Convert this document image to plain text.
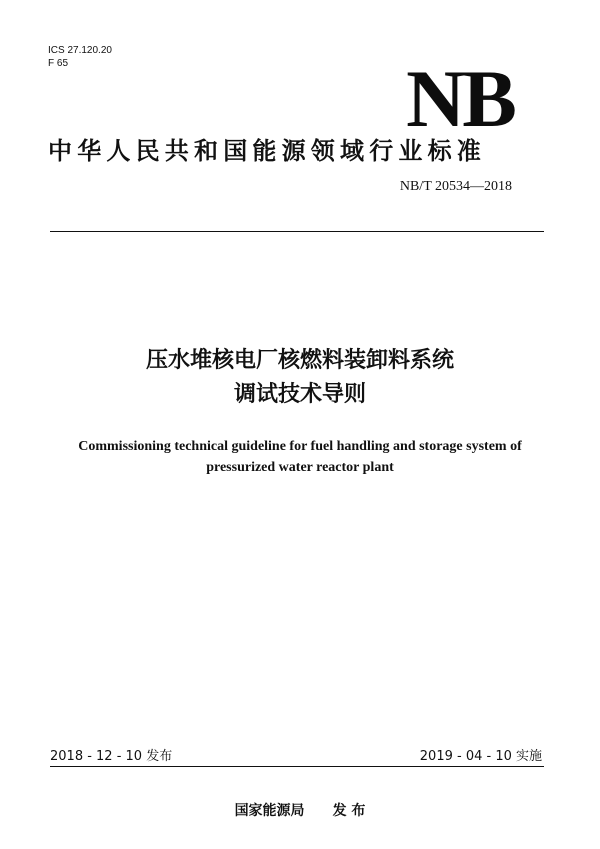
ICS 27.120.20
F 65	NB
中华人民共和国能源领域行业标准
NB/T 20534—2018
压水堆核电厂核燃料装卸料系统
调试技术导则
Commissioning technical guideline for fuel handling and storage system of
pressurized water reactor plant
2018 - 12 - 10 发布	2019 - 04 - 10 实施
国家能源局 发 布
